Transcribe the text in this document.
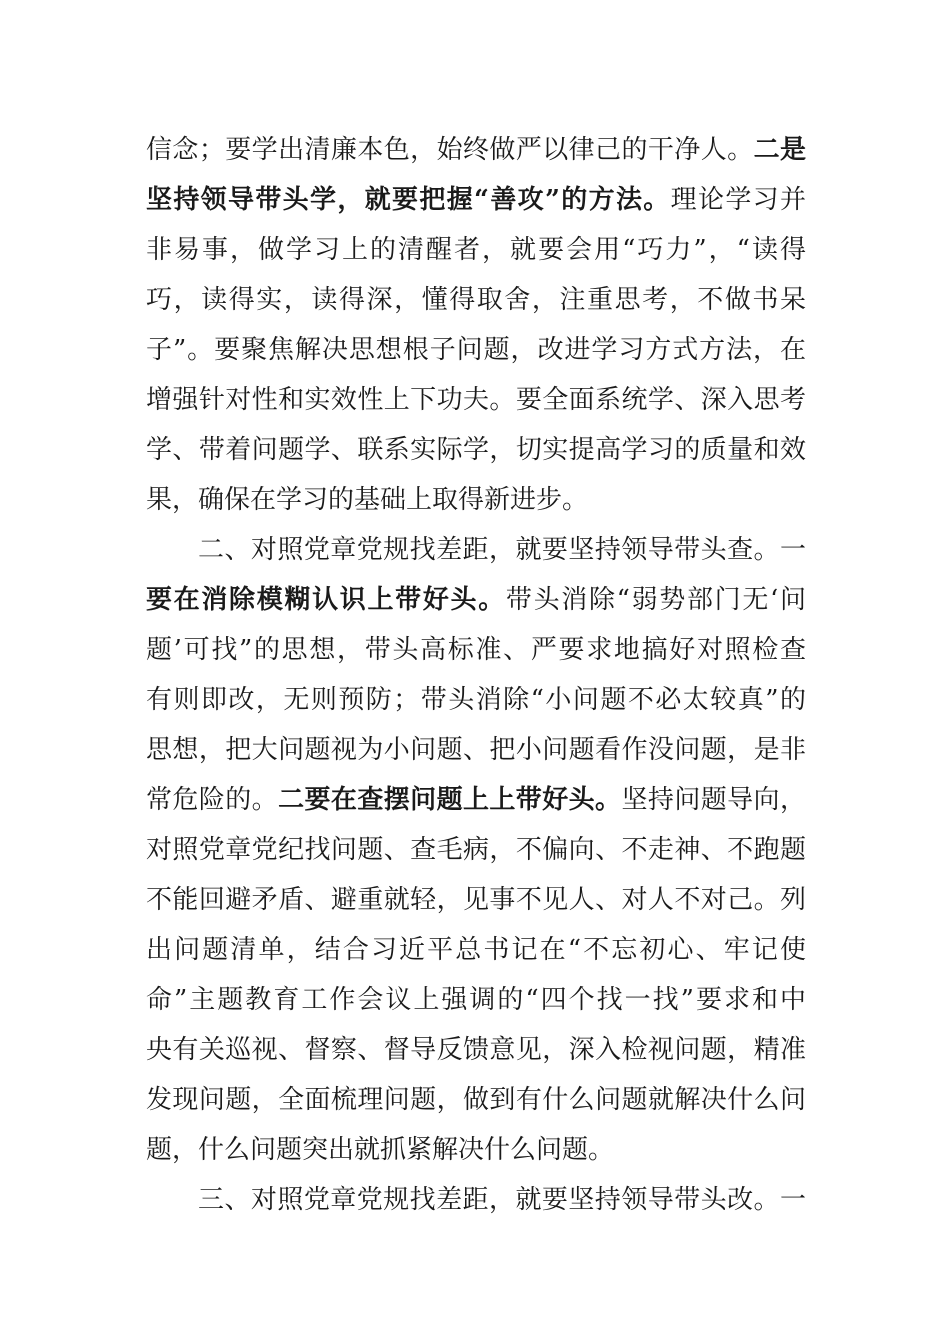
信念；要学出清廉本色，始终做严以律己的干净人。二是
坚持领导带头学，就要把握“善攻”的方法。理论学习并
非易事，做学习上的清醒者，就要会用“巧力”，“读得
巧，读得实，读得深，懂得取舍，注重思考，不做书呆
子”。要聚焦解决思想根子问题，改进学习方式方法，在
增强针对性和实效性上下功夫。要全面系统学、深入思考
学、带着问题学、联系实际学，切实提高学习的质量和效
果，确保在学习的基础上取得新进步。
二、对照党章党规找差距，就要坚持领导带头查。一
要在消除模糊认识上带好头。带头消除“弱势部门无‘问
题’可找”的思想，带头高标准、严要求地搞好对照检查
有则即改，无则预防；带头消除“小问题不必太较真”的
思想，把大问题视为小问题、把小问题看作没问题，是非
常危险的。二要在查摆问题上上带好头。坚持问题导向，
对照党章党纪找问题、查毛病，不偏向、不走神、不跑题
不能回避矛盾、避重就轻，见事不见人、对人不对己。列
出问题清单，结合习近平总书记在“不忘初心、牢记使
命”主题教育工作会议上强调的“四个找一找”要求和中
央有关巡视、督察、督导反馈意见，深入检视问题，精准
发现问题，全面梳理问题，做到有什么问题就解决什么问
题，什么问题突出就抓紧解决什么问题。
三、对照党章党规找差距，就要坚持领导带头改。一
